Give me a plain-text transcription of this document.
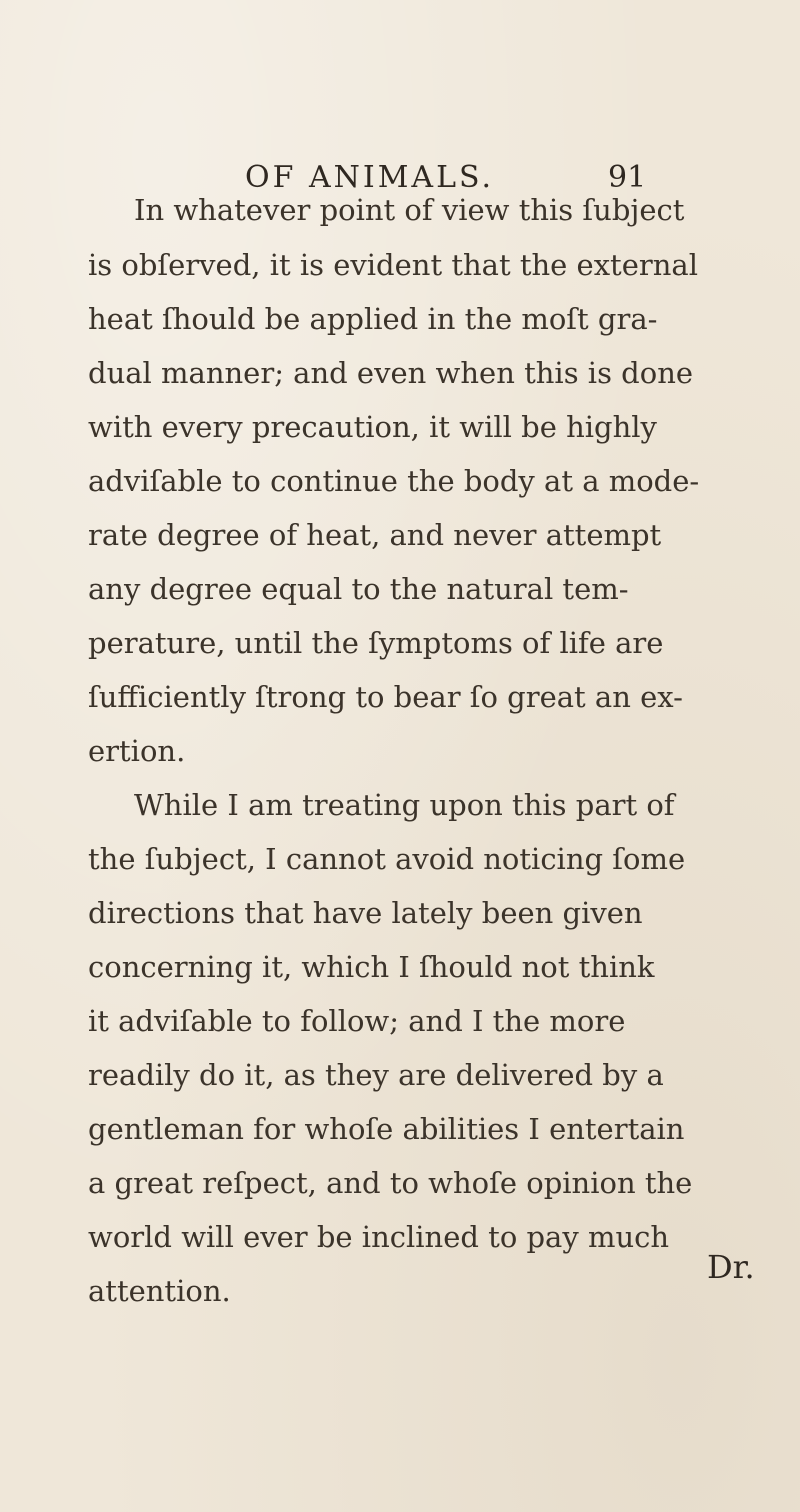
OF ANIMALS.	91
In whatever point of view this ſubject
is obſerved, it is evident that the external
heat ſhould be applied in the moſt gra-
dual manner; and even when this is done
with every precaution, it will be highly
adviſable to continue the body at a mode-
rate degree of heat, and never attempt
any degree equal to the natural tem-
perature, until the ſymptoms of life are
ſufficiently ſtrong to bear ſo great an ex-
ertion.
While I am treating upon this part of
the ſubject, I cannot avoid noticing ſome
directions that have lately been given
concerning it, which I ſhould not think
it adviſable to follow; and I the more
readily do it, as they are delivered by a
gentleman for whoſe abilities I entertain
a great reſpect, and to whoſe opinion the
world will ever be inclined to pay much
attention.
Dr.
